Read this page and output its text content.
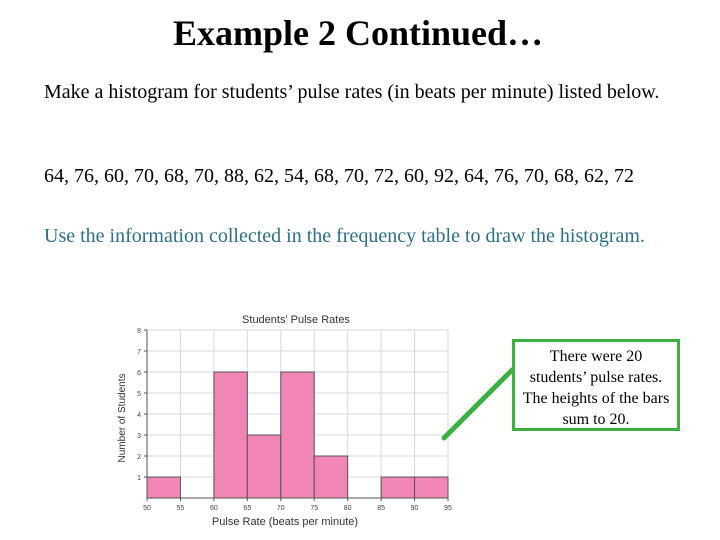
Example 2 Continued…
Make a histogram for students’ pulse rates (in beats per minute) listed below.
64, 76, 60, 70, 68, 70, 88, 62, 54, 68, 70, 72, 60, 92, 64, 76, 70, 68, 62, 72
Use the information collected in the frequency table to draw the histogram.
Students' Pulse Rates
1
2
3
4
5
6
7
8
50	55	60	65	70	75	80	85	90	95
Pulse Rate (beats per minute)
Number of Students
There were 20 students’ pulse rates. The heights of the bars sum to 20.
